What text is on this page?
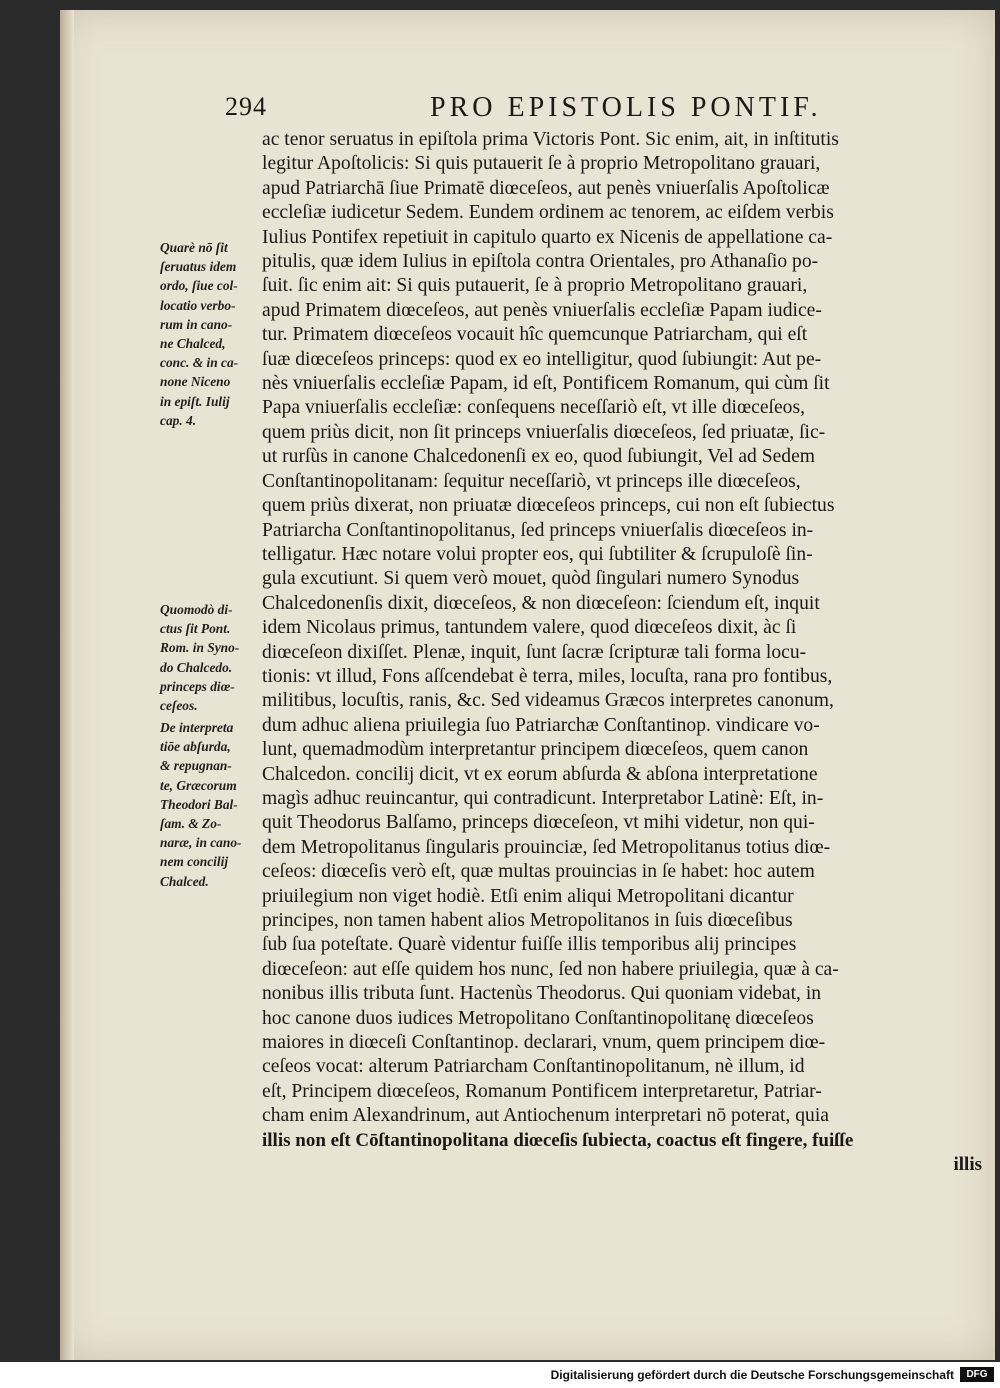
294	PRO EPISTOLIS PONTIF.
Quarè nō ſit
ſeruatus idem
ordo, ſiue col-
locatio verbo-
rum in cano-
ne Chalced,
conc. & in ca-
none Niceno
in epiſt. Iulij
cap. 4.
Quomodò di-
ctus ſit Pont.
Rom. in Syno-
do Chalcedo.
princeps diœ-
ceſeos.
De interpreta
tiōe abſurda,
& repugnan-
te, Græcorum
Theodori Bal-
ſam. & Zo-
naræ, in cano-
nem concilij
Chalced.
ac tenor seruatus in epiſtola prima Victoris Pont. Sic enim, ait, in inſtitutis
legitur Apoſtolicis: Si quis putauerit ſe à proprio Metropolitano grauari,
apud Patriarchā ſiue Primatē diœceſeos, aut penès vniuerſalis Apoſtolicæ
eccleſiæ iudicetur Sedem. Eundem ordinem ac tenorem, ac eiſdem verbis
Iulius Pontifex repetiuit in capitulo quarto ex Nicenis de appellatione ca-
pitulis, quæ idem Iulius in epiſtola contra Orientales, pro Athanaſio po-
ſuit. ſic enim ait: Si quis putauerit, ſe à proprio Metropolitano grauari,
apud Primatem diœceſeos, aut penès vniuerſalis eccleſiæ Papam iudice-
tur. Primatem diœceſeos vocauit hîc quemcunque Patriarcham, qui eſt
ſuæ diœceſeos princeps: quod ex eo intelligitur, quod ſubiungit: Aut pe-
nès vniuerſalis eccleſiæ Papam, id eſt, Pontificem Romanum, qui cùm ſit
Papa vniuerſalis eccleſiæ: conſequens neceſſariò eſt, vt ille diœceſeos,
quem priùs dicit, non ſit princeps vniuerſalis diœceſeos, ſed priuatæ, ſic-
ut rurſùs in canone Chalcedonenſi ex eo, quod ſubiungit, Vel ad Sedem
Conſtantinopolitanam: ſequitur neceſſariò, vt princeps ille diœceſeos,
quem priùs dixerat, non priuatæ diœceſeos princeps, cui non eſt ſubiectus
Patriarcha Conſtantinopolitanus, ſed princeps vniuerſalis diœceſeos in-
telligatur. Hæc notare volui propter eos, qui ſubtiliter & ſcrupuloſè ſin-
gula excutiunt. Si quem verò mouet, quòd ſingulari numero Synodus
Chalcedonenſis dixit, diœceſeos, & non diœceſeon: ſciendum eſt, inquit
idem Nicolaus primus, tantundem valere, quod diœceſeos dixit, àc ſi
diœceſeon dixiſſet. Plenæ, inquit, ſunt ſacræ ſcripturæ tali forma locu-
tionis: vt illud, Fons aſſcendebat è terra, miles, locuſta, rana pro fontibus,
militibus, locuſtis, ranis, &c. Sed videamus Græcos interpretes canonum,
dum adhuc aliena priuilegia ſuo Patriarchæ Conſtantinop. vindicare vo-
lunt, quemadmodùm interpretantur principem diœceſeos, quem canon
Chalcedon. concilij dicit, vt ex eorum abſurda & abſona interpretatione
magìs adhuc reuincantur, qui contradicunt. Interpretabor Latinè: Eſt, in-
quit Theodorus Balſamo, princeps diœceſeon, vt mihi videtur, non qui-
dem Metropolitanus ſingularis prouinciæ, ſed Metropolitanus totius diœ-
ceſeos: diœceſis verò eſt, quæ multas prouincias in ſe habet: hoc autem
priuilegium non viget hodiè. Etſi enim aliqui Metropolitani dicantur
principes, non tamen habent alios Metropolitanos in ſuis diœceſibus
ſub ſua poteſtate. Quarè videntur fuiſſe illis temporibus alij principes
diœceſeon: aut eſſe quidem hos nunc, ſed non habere priuilegia, quæ à ca-
nonibus illis tributa ſunt. Hactenùs Theodorus. Qui quoniam videbat, in
hoc canone duos iudices Metropolitano Conſtantinopolitanę diœceſeos
maiores in diœceſi Conſtantinop. declarari, vnum, quem principem diœ-
ceſeos vocat: alterum Patriarcham Conſtantinopolitanum, nè illum, id
eſt, Principem diœceſeos, Romanum Pontificem interpretaretur, Patriar-
cham enim Alexandrinum, aut Antiochenum interpretari nō poterat, quia
illis non eſt Cōſtantinopolitana diœceſis ſubiecta, coactus eſt fingere, fuiſſe
illis
Digitalisierung gefördert durch die Deutsche Forschungsgemeinschaft	DFG
